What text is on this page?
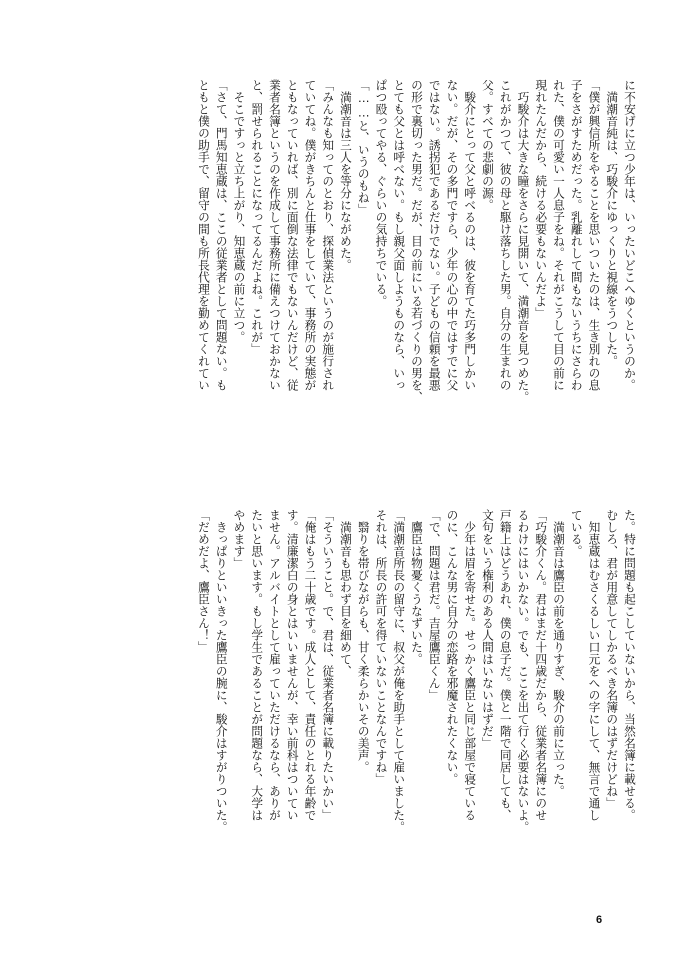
に不安げに立つ少年は、いったいどこへゆくというのか。
　満潮音純は、巧駿介にゆっくりと視線をうつした。
「僕が興信所をやることを思いついたのは、生き別れの息
子をさがすためだった。乳離れして間もないうちにさらわ
れた、僕の可愛い一人息子をね。それがこうして目の前に
現れたんだから、続ける必要もないんだよ」
　巧駿介は大きな瞳をさらに見開いて、満潮音を見つめた。
これがかつて、彼の母と駆け落ちした男。自分の生まれの
父。すべての悲劇の源。
　駿介にとって父と呼べるのは、彼を育てた巧多門しかい
ない。だが、その多門ですら、少年の心の中ではすでに父
ではない。誘拐犯であるだけでない。子どもの信頼を最悪
の形で裏切った男だ。だが、目の前にいる若づくりの男を、
とても父とは呼べない。もし親父面しようものなら、いっ
ぱつ殴ってやる、ぐらいの気持ちでいる。
「……と、いうのもね」
　満潮音は三人を等分にながめた。
「みんなも知ってのとおり、探偵業法というのが施行され
ていてね。僕がきちんと仕事をしていて、事務所の実態が
ともなっていれば、別に面倒な法律でもないんだけど、従
業者名簿というのを作成して事務所に備えつけておかない
と、罰せられることになってるんだよね。これが」
　そこですっと立ち上がり、知恵蔵の前に立つ。
「さて、門馬知恵蔵は、ここの従業者として問題ない。も
ともと僕の助手で、留守の間も所長代理を勤めてくれてい
た。特に問題も起こしていないから、当然名簿に載せる。
むしろ、君が用意してしかるべき名簿のはずだけどね」
　知恵蔵はむさくるしい口元をへの字にして、無言で通し
ている。
　満潮音は鷹臣の前を通りすぎ、駿介の前に立った。
「巧駿介くん。君はまだ十四歳だから、従業者名簿にのせ
るわけにはいかない。でも、ここを出て行く必要はないよ。
戸籍上はどうあれ、僕の息子だ。僕と一階で同居しても、
文句をいう権利のある人間はいないはずだ」
　少年は眉を寄せた。せっかく鷹臣と同じ部屋で寝ている
のに、こんな男に自分の恋路を邪魔されたくない。
「で、問題は君だ。吉屋鷹臣くん」
　鷹臣は物憂くうなずいた。
「満潮音所長の留守に、叔父が俺を助手として雇いました。
それは、所長の許可を得ていないことなんですね」
　翳りを帯びながらも、甘く柔らかいその美声。
　満潮音も思わず目を細めて、
「そういうこと。で、君は、従業者名簿に載りたいかい」
「俺はもう二十歳です。成人として、責任のとれる年齢で
す。清廉潔白の身とはいいませんが、幸い前科はついてい
ません。アルバイトとして雇っていただけるなら、ありが
たいと思います。もし学生であることが問題なら、大学は
やめます」
　きっぱりといいきった鷹臣の腕に、駿介はすがりついた。
「だめだよ、鷹臣さん！」
6
